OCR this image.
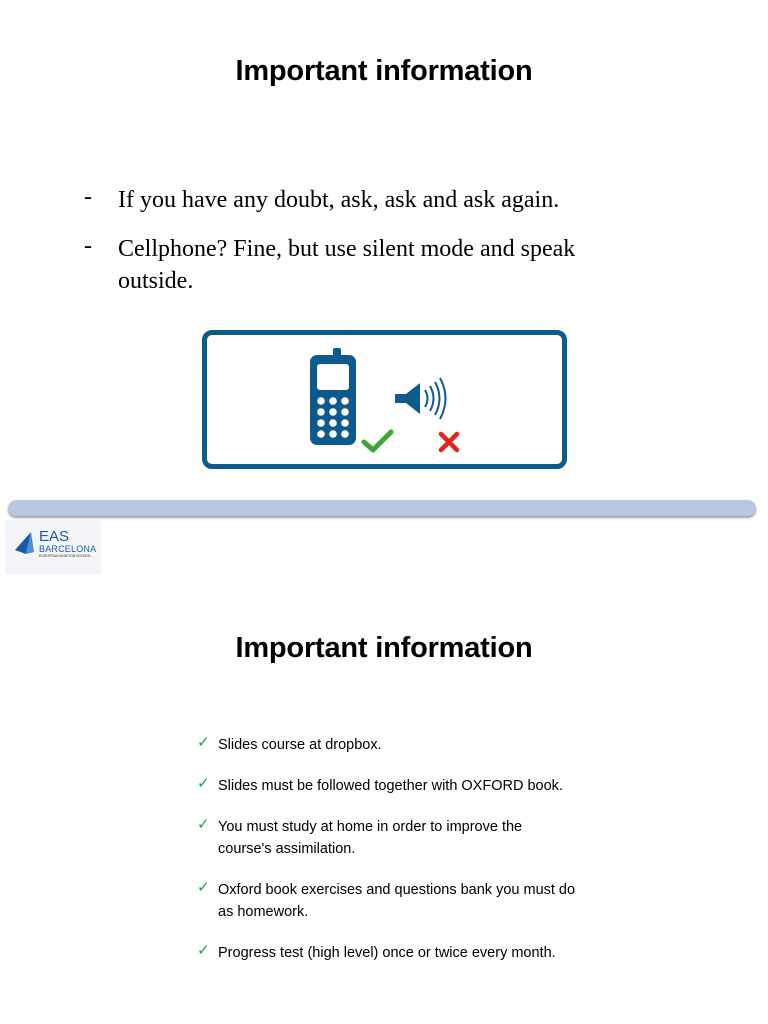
Important information
- If you have any doubt, ask, ask and ask again.
- Cellphone? Fine, but use silent mode and speak outside.
EAS
BARCELONA
EUROPEAN AVIATION SCHOOL
Important information
✓ Slides course at dropbox.
✓ Slides must be followed together with OXFORD book.
✓ You must study at home in order to improve the course's assimilation.
✓ Oxford book exercises and questions bank you must do as homework.
✓ Progress test (high level) once or twice every month.
